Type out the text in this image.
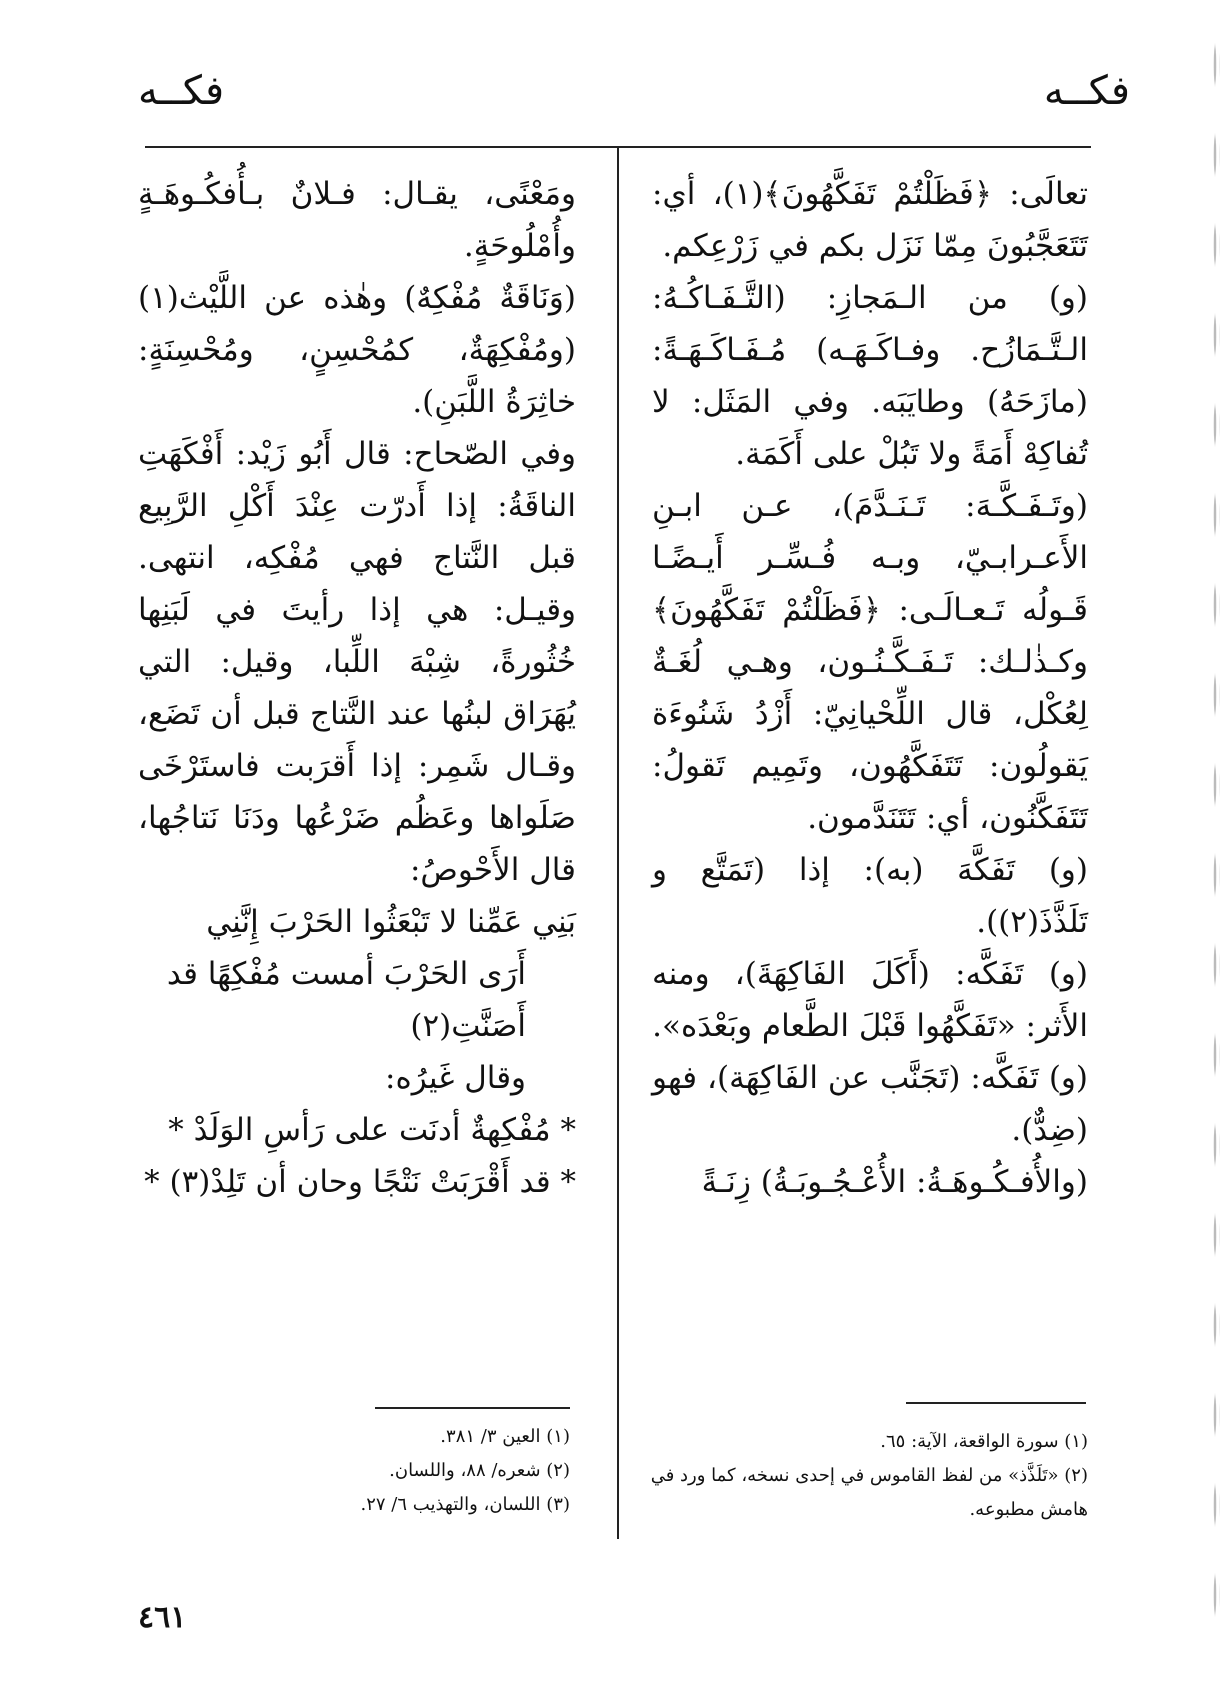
فكــه
فكــه

تعالَى: ﴿فَظَلْتُمْ تَفَكَّهُونَ﴾(١)، أي: تَتَعَجَّبُونَ مِمّا نَزَل بكم في زَرْعِكم.

(و) من الـمَجازِ: (التَّـفَـاكُـهُ: الـتَّـمَازُح. وفـاكَـهَـه) مُـفَـاكَـهَـةً: (مازَحَهُ) وطايَبَه. وفي المَثَل: لا تُفاكِهْ أَمَةً ولا تَبُلْ على أَكَمَة.

(وتَـفَـكَّـهَ: تَـنَـدَّمَ)، عـن ابـنِ الأَعـرابـيّ، وبـه فُـسِّـر أَيـضًـا قَـولُه تَـعـالَـى: ﴿فَظَلْتُمْ تَفَكَّهُونَ﴾ وكـذٰلـك: تَـفَـكَّـنُـون، وهـي لُغَـةٌ لِعُكْل، قال اللِّحْيانِيّ: أَزْدُ شَنُوءَة يَقولُون: تَتَفَكَّهُون، وتَمِيم تَقولُ: تَتَفَكَّنُون، أي: تَتَنَدَّمون.

(و) تَفَكَّهَ (به): إذا (تَمَتَّع و تَلَذَّذَ(٢)).

(و) تَفَكَّه: (أَكَلَ الفَاكِهَةَ)، ومنه الأَثر: «تَفَكَّهُوا قَبْلَ الطَّعام وبَعْدَه».

(و) تَفَكَّه: (تَجَنَّب عن الفَاكِهَة)، فهو (ضِدٌّ).

(والأُفـكُـوهَـةُ: الأُعْـجُـوبَـةُ) زِنَـةً

ومَعْنًى، يقـال: فـلانٌ بـأُفكُـوهَـةٍ وأُمْلُوحَةٍ.

(وَنَاقَةٌ مُفْكِهٌ) وهٰذه عن اللَّيْث(١) (ومُفْكِهَةٌ، كمُحْسِنٍ، ومُحْسِنَةٍ: خاثِرَةُ اللَّبَنِ).

وفي الصّحاح: قال أَبُو زَيْد: أَفْكَهَتِ الناقَةُ: إذا أَدرّت عِنْدَ أَكْلِ الرَّبِيع قبل النَّتاج فهي مُفْكِه، انتهى. وقيـل: هي إذا رأيتَ في لَبَنِها خُثُورةً، شِبْهَ اللِّبا، وقيل: التي يُهَرَاق لبنُها عند النَّتاج قبل أن تَضَع، وقـال شَمِر: إذا أَقرَبت فاستَرْخَى صَلَواها وعَظُم ضَرْعُها ودَنَا نَتاجُها، قال الأَحْوصُ:

بَنِي عَمِّنا لا تَبْعَثُوا الحَرْبَ إِنَّنِي

أَرَى الحَرْبَ أمست مُفْكِهًا قد أَصَنَّتِ(٢)

وقال غَيرُه:

* مُفْكِهةٌ أدنَت على رَأسِ الوَلَدْ *

* قد أَقْرَبَتْ نَتْجًا وحان أن تَلِدْ(٣) *

(١) العين ٣/ ٣٨١.

(٢) شعره/ ٨٨، واللسان.

(٣) اللسان، والتهذيب ٦/ ٢٧.

(١) سورة الواقعة، الآية: ٦٥.

(٢) «تَلَذَّذ» من لفظ القاموس في إحدى نسخه، كما ورد في هامش مطبوعه.

٤٦١
